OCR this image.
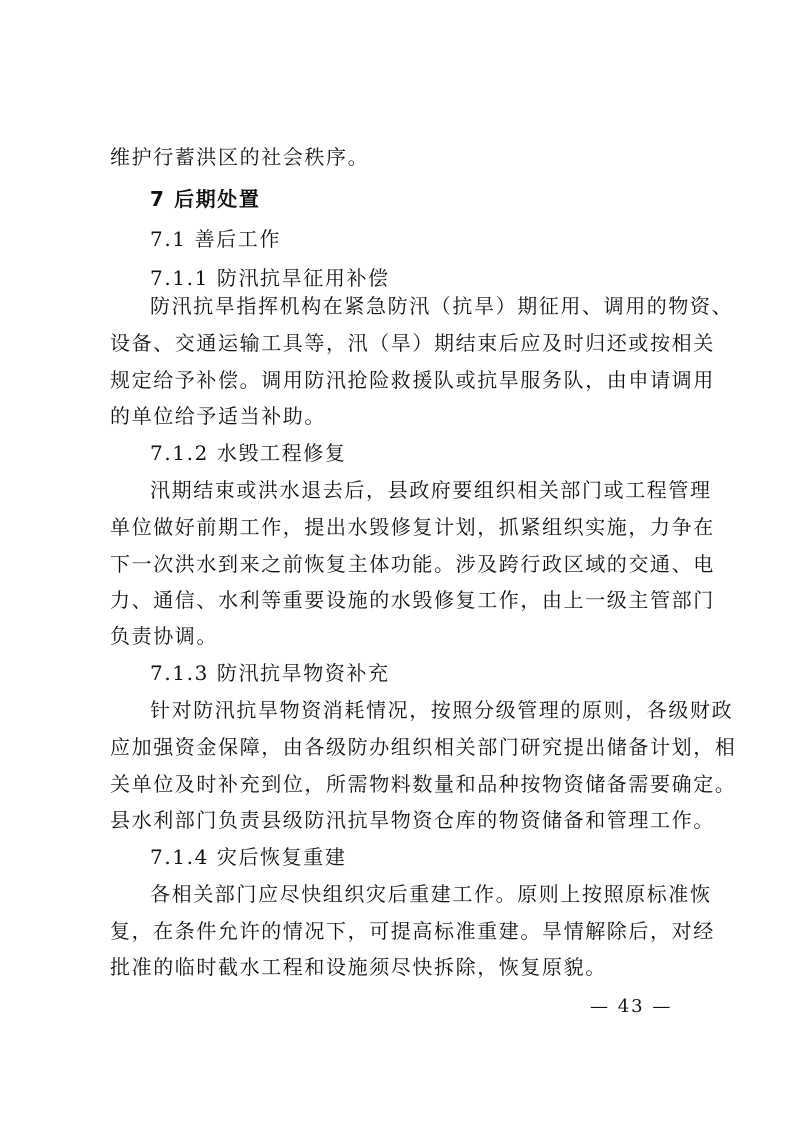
维护行蓄洪区的社会秩序。
7 后期处置
7.1 善后工作
7.1.1 防汛抗旱征用补偿
防汛抗旱指挥机构在紧急防汛（抗旱）期征用、调用的物资、
设备、交通运输工具等，汛（旱）期结束后应及时归还或按相关
规定给予补偿。调用防汛抢险救援队或抗旱服务队，由申请调用
的单位给予适当补助。
7.1.2 水毁工程修复
汛期结束或洪水退去后，县政府要组织相关部门或工程管理
单位做好前期工作，提出水毁修复计划，抓紧组织实施，力争在
下一次洪水到来之前恢复主体功能。涉及跨行政区域的交通、电
力、通信、水利等重要设施的水毁修复工作，由上一级主管部门
负责协调。
7.1.3 防汛抗旱物资补充
针对防汛抗旱物资消耗情况，按照分级管理的原则，各级财政
应加强资金保障，由各级防办组织相关部门研究提出储备计划，相
关单位及时补充到位，所需物料数量和品种按物资储备需要确定。
县水利部门负责县级防汛抗旱物资仓库的物资储备和管理工作。
7.1.4 灾后恢复重建
各相关部门应尽快组织灾后重建工作。原则上按照原标准恢
复，在条件允许的情况下，可提高标准重建。旱情解除后，对经
批准的临时截水工程和设施须尽快拆除，恢复原貌。
— 43 —
